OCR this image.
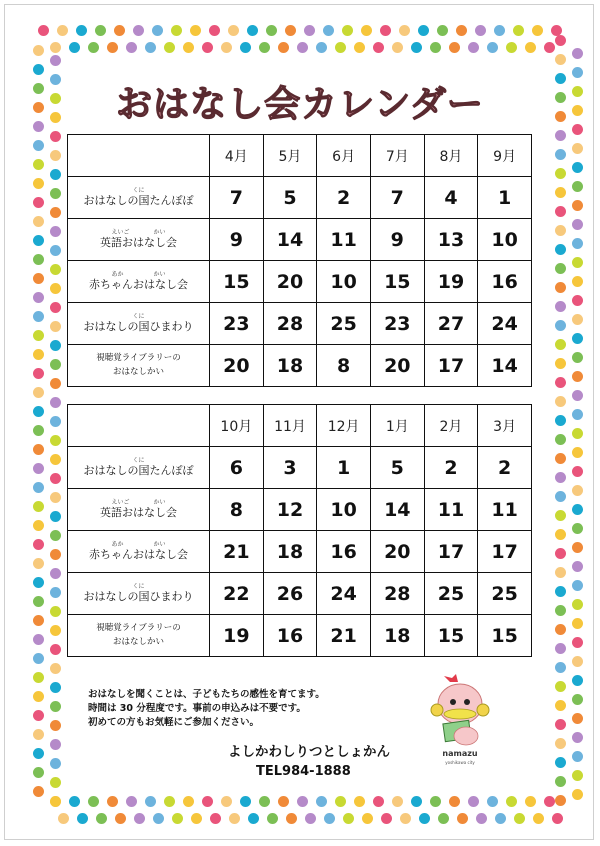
おはなし会カレンダー
	4月	5月	6月	7月	8月	9月

くに
おはなしの国たんぽぽ	7	5	2	7	4	1

えいご　　　　かい
英語おはなし会	9	14	11	9	13	10

あか　　　　　かい
赤ちゃんおはなし会	15	20	10	15	19	16

くに
おはなしの国ひまわり	23	28	25	23	27	24
視聴覚ライブラリーの
おはなしかい	20	18	8	20	17	14
	10月	11月	12月	1月	2月	3月

くに
おはなしの国たんぽぽ	6	3	1	5	2	2

えいご　　　　かい
英語おはなし会	8	12	10	14	11	11

あか　　　　　かい
赤ちゃんおはなし会	21	18	16	20	17	17

くに
おはなしの国ひまわり	22	26	24	28	25	25
視聴覚ライブラリーの
おはなしかい	19	16	21	18	15	15
おはなしを聞くことは、子どもたちの感性を育てます。
時間は 30 分程度です。事前の申込みは不要です。
初めての方もお気軽にご参加ください。
よしかわしりつとしょかん
TEL984-1888
namazu
yoshikawa city
